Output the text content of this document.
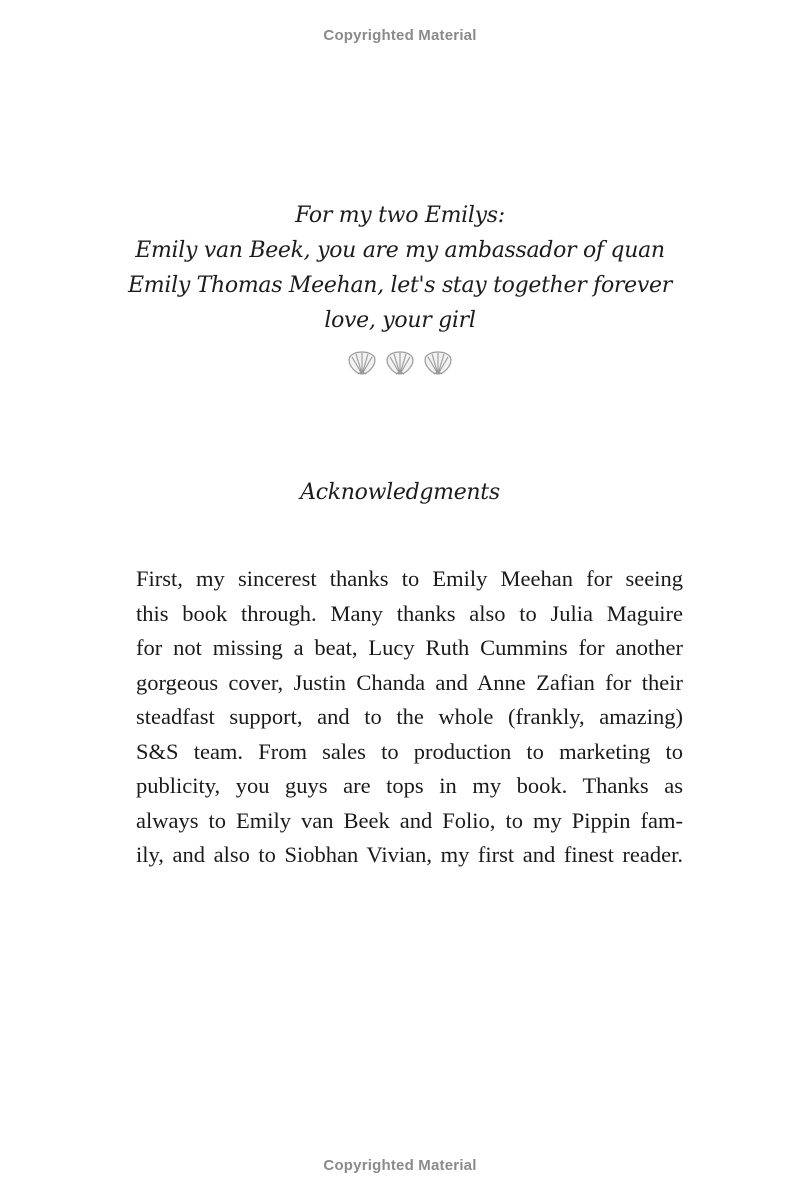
Copyrighted Material
For my two Emilys:
Emily van Beek, you are my ambassador of quan
Emily Thomas Meehan, let's stay together forever
love, your girl
Acknowledgments
First, my sincerest thanks to Emily Meehan for seeing
this book through. Many thanks also to Julia Maguire
for not missing a beat, Lucy Ruth Cummins for another
gorgeous cover, Justin Chanda and Anne Zafian for their
steadfast support, and to the whole (frankly, amazing)
S&S team. From sales to production to marketing to
publicity, you guys are tops in my book. Thanks as
always to Emily van Beek and Folio, to my Pippin fam-
ily, and also to Siobhan Vivian, my first and finest reader.
Copyrighted Material
